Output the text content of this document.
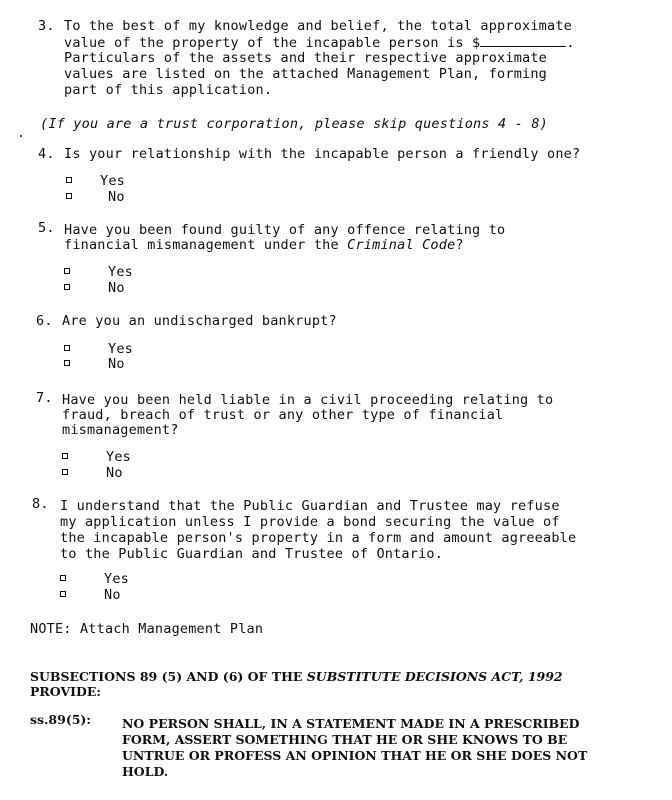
3. To the best of my knowledge and belief, the total approximate
value of the property of the incapable person is $	.
Particulars of the assets and their respective approximate
values are listed on the attached Management Plan, forming
part of this application.
(If you are a trust corporation, please skip questions 4 - 8)
4. Is your relationship with the incapable person a friendly one?
Yes
No
5. Have you been found guilty of any offence relating to
financial mismanagement under the Criminal Code?
Yes
No
6. Are you an undischarged bankrupt?
Yes
No
7. Have you been held liable in a civil proceeding relating to
fraud, breach of trust or any other type of financial
mismanagement?
Yes
No
8. I understand that the Public Guardian and Trustee may refuse
my application unless I provide a bond securing the value of
the incapable person's property in a form and amount agreeable
to the Public Guardian and Trustee of Ontario.
Yes
No
NOTE: Attach Management Plan
SUBSECTIONS 89 (5) AND (6) OF THE SUBSTITUTE DECISIONS ACT, 1992
PROVIDE:
ss.89(5): NO PERSON SHALL, IN A STATEMENT MADE IN A PRESCRIBED
FORM, ASSERT SOMETHING THAT HE OR SHE KNOWS TO BE
UNTRUE OR PROFESS AN OPINION THAT HE OR SHE DOES NOT
HOLD.
